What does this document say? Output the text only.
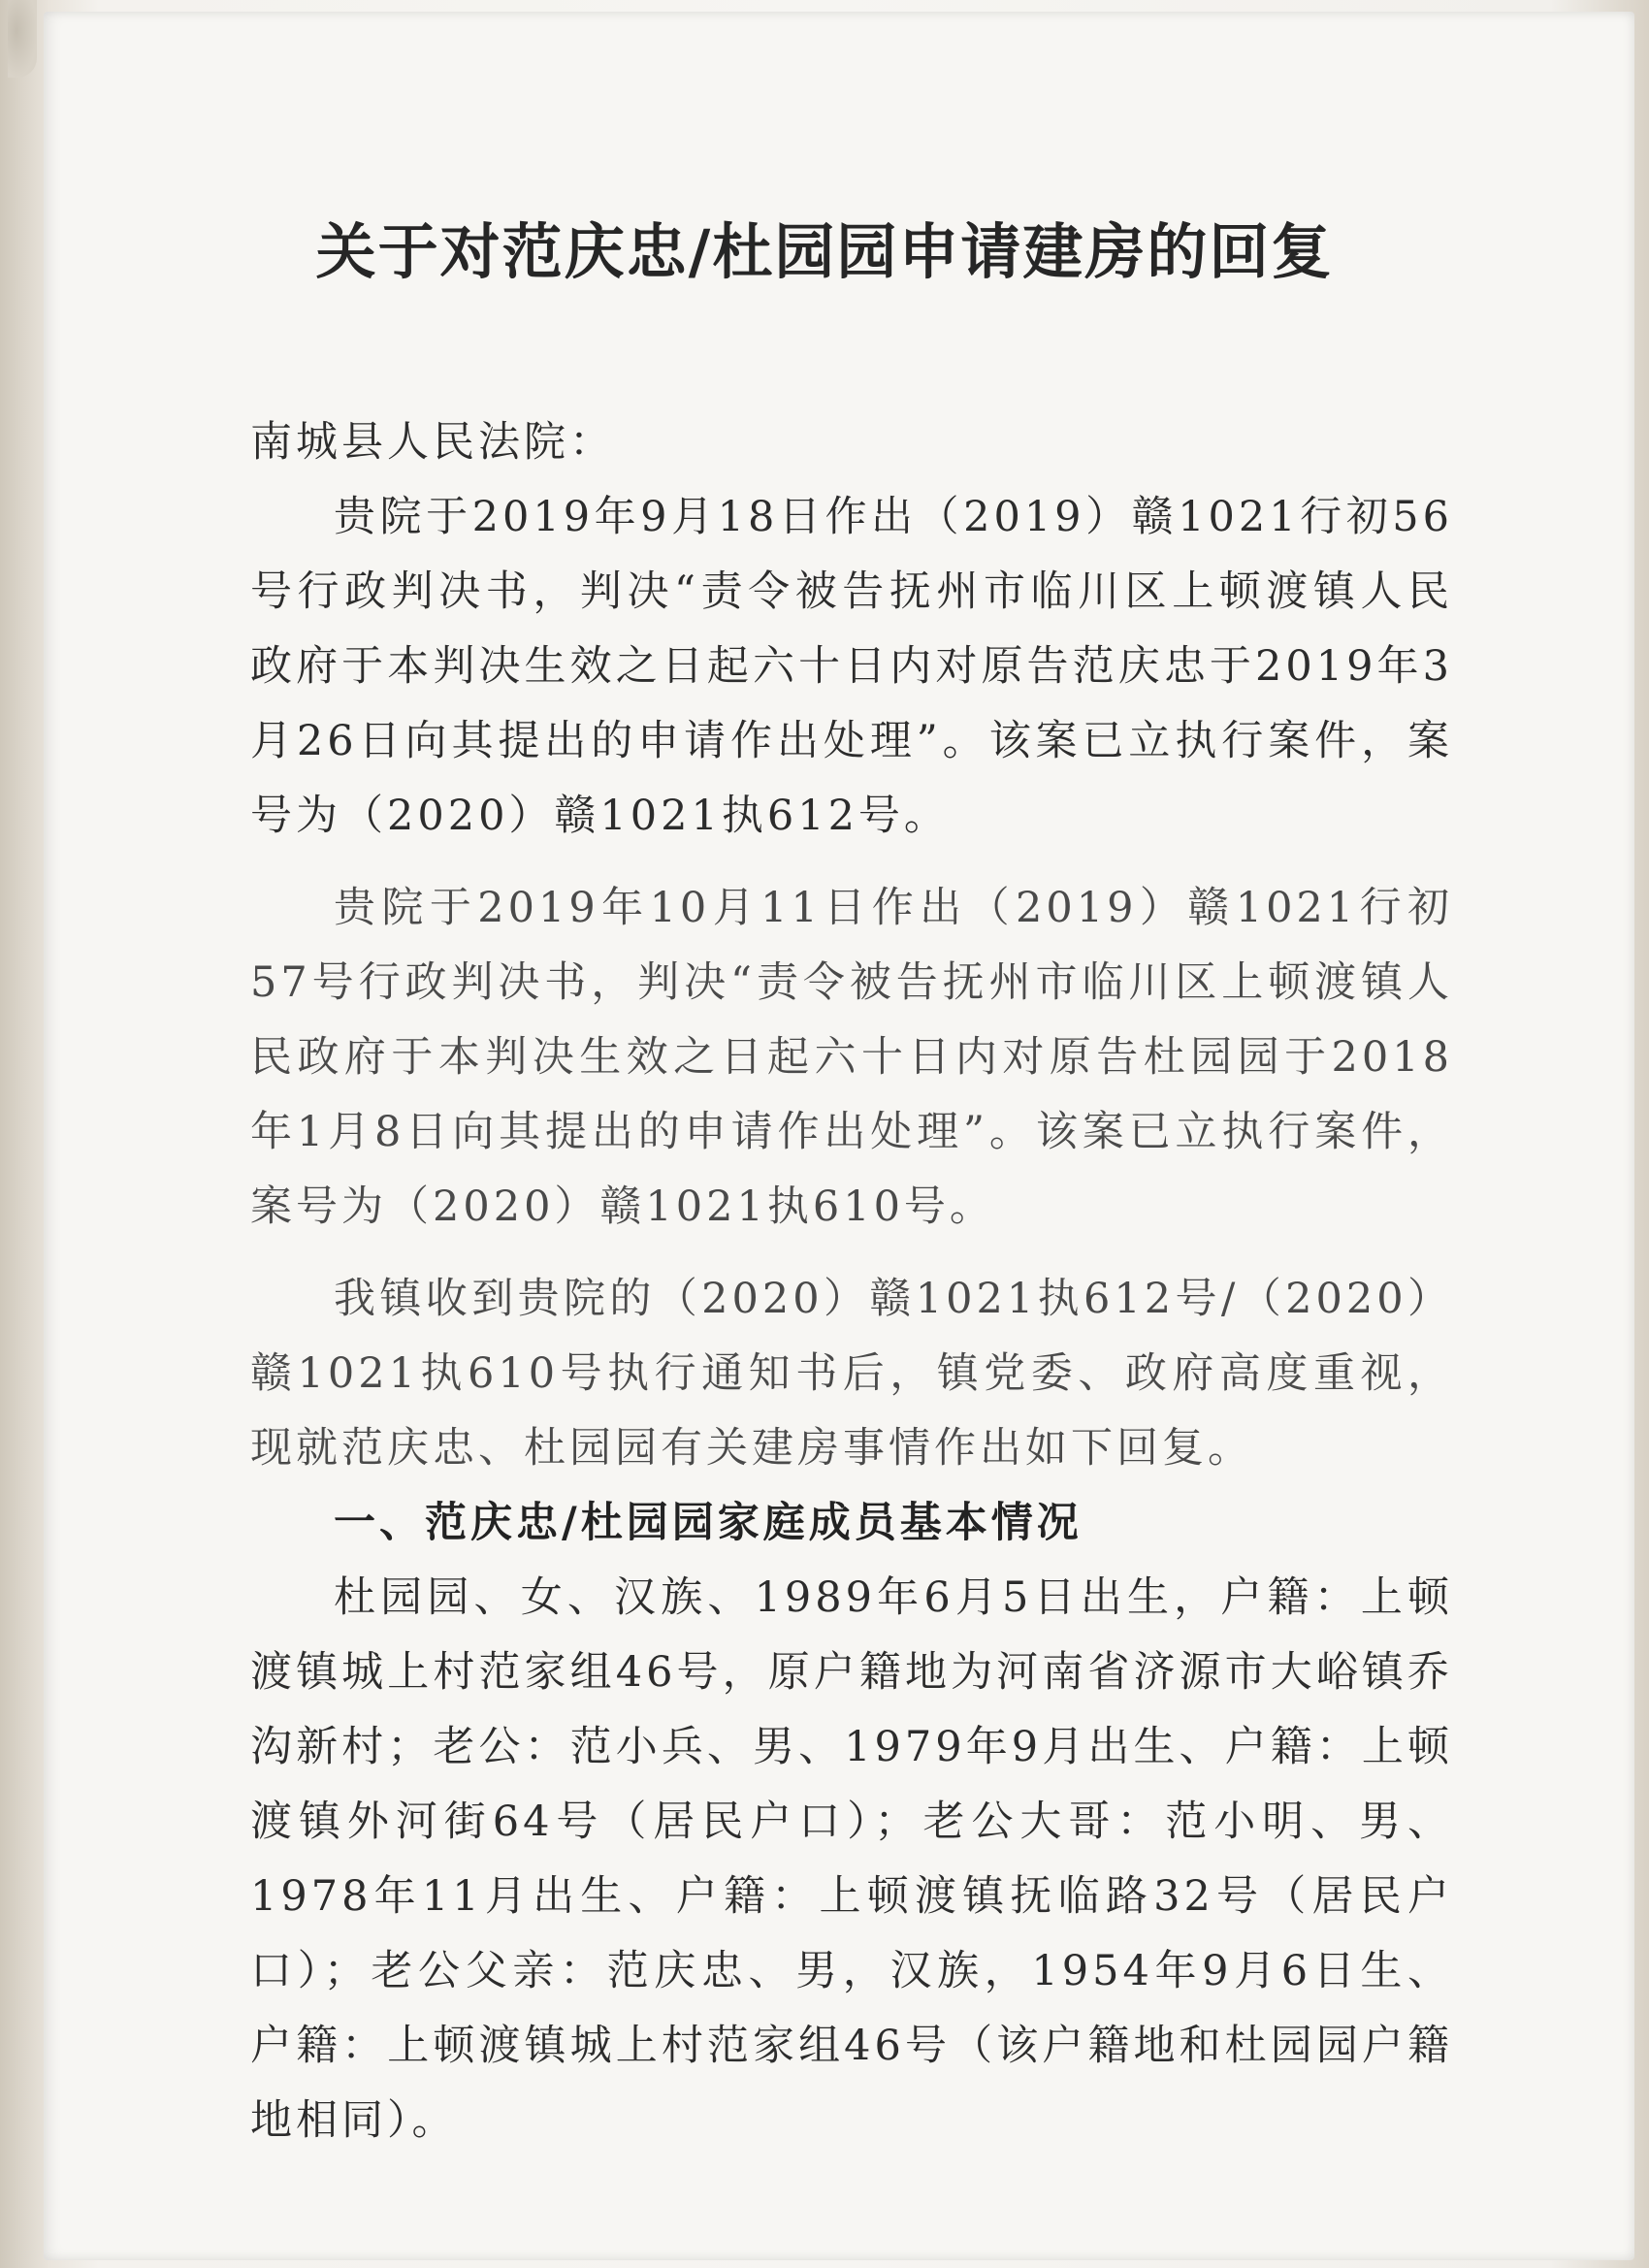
关于对范庆忠/杜园园申请建房的回复

南城县人民法院：

贵院于2019年9月18日作出（2019）赣1021行初56号行政判决书，判决“责令被告抚州市临川区上顿渡镇人民政府于本判决生效之日起六十日内对原告范庆忠于2019年3月26日向其提出的申请作出处理”。该案已立执行案件，案号为（2020）赣1021执612号。

贵院于2019年10月11日作出（2019）赣1021行初57号行政判决书，判决“责令被告抚州市临川区上顿渡镇人民政府于本判决生效之日起六十日内对原告杜园园于2018年1月8日向其提出的申请作出处理”。该案已立执行案件，案号为（2020）赣1021执610号。

我镇收到贵院的（2020）赣1021执612号/（2020）赣1021执610号执行通知书后，镇党委、政府高度重视，现就范庆忠、杜园园有关建房事情作出如下回复。

一、范庆忠/杜园园家庭成员基本情况

杜园园、女、汉族、1989年6月5日出生，户籍：上顿渡镇城上村范家组46号，原户籍地为河南省济源市大峪镇乔沟新村；老公：范小兵、男、1979年9月出生、户籍：上顿渡镇外河街64号（居民户口）；老公大哥：范小明、男、1978年11月出生、户籍：上顿渡镇抚临路32号（居民户口）；老公父亲：范庆忠、男，汉族，1954年9月6日生、户籍：上顿渡镇城上村范家组46号（该户籍地和杜园园户籍地相同）。
